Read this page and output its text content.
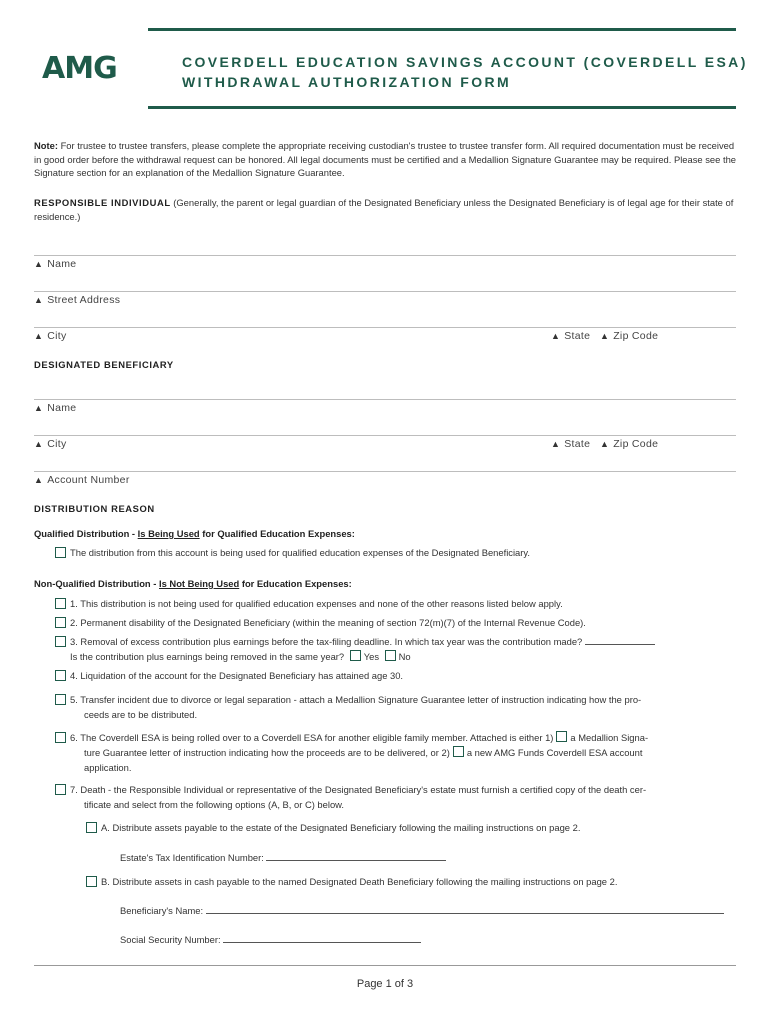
AMG	COVERDELL EDUCATION SAVINGS ACCOUNT (COVERDELL ESA)
WITHDRAWAL AUTHORIZATION FORM
Note: For trustee to trustee transfers, please complete the appropriate receiving custodian's trustee to trustee transfer form. All required documentation must be received in good order before the withdrawal request can be honored. All legal documents must be certified and a Medallion Signature Guarantee may be required. Please see the Signature section for an explanation of the Medallion Signature Guarantee.
RESPONSIBLE INDIVIDUAL (Generally, the parent or legal guardian of the Designated Beneficiary unless the Designated Beneficiary is of legal age for their state of residence.)
▲ Name
▲ Street Address
▲ City	▲ State ▲ Zip Code
DESIGNATED BENEFICIARY
▲ Name
▲ City	▲ State ▲ Zip Code
▲ Account Number
DISTRIBUTION REASON
Qualified Distribution - Is Being Used for Qualified Education Expenses:
The distribution from this account is being used for qualified education expenses of the Designated Beneficiary.
Non-Qualified Distribution - Is Not Being Used for Education Expenses:
1. This distribution is not being used for qualified education expenses and none of the other reasons listed below apply.
2. Permanent disability of the Designated Beneficiary (within the meaning of section 72(m)(7) of the Internal Revenue Code).
3. Removal of excess contribution plus earnings before the tax-filing deadline. In which tax year was the contribution made?
Is the contribution plus earnings being removed in the same year? Yes No
4. Liquidation of the account for the Designated Beneficiary has attained age 30.
5. Transfer incident due to divorce or legal separation - attach a Medallion Signature Guarantee letter of instruction indicating how the pro-
ceeds are to be distributed.
6. The Coverdell ESA is being rolled over to a Coverdell ESA for another eligible family member. Attached is either 1) a Medallion Signa-
ture Guarantee letter of instruction indicating how the proceeds are to be delivered, or 2) a new AMG Funds Coverdell ESA account
application.
7. Death - the Responsible Individual or representative of the Designated Beneficiary's estate must furnish a certified copy of the death cer-
tificate and select from the following options (A, B, or C) below.
A. Distribute assets payable to the estate of the Designated Beneficiary following the mailing instructions on page 2.
Estate's Tax Identification Number:
B. Distribute assets in cash payable to the named Designated Death Beneficiary following the mailing instructions on page 2.
Beneficiary's Name:
Social Security Number:
Page 1 of 3
